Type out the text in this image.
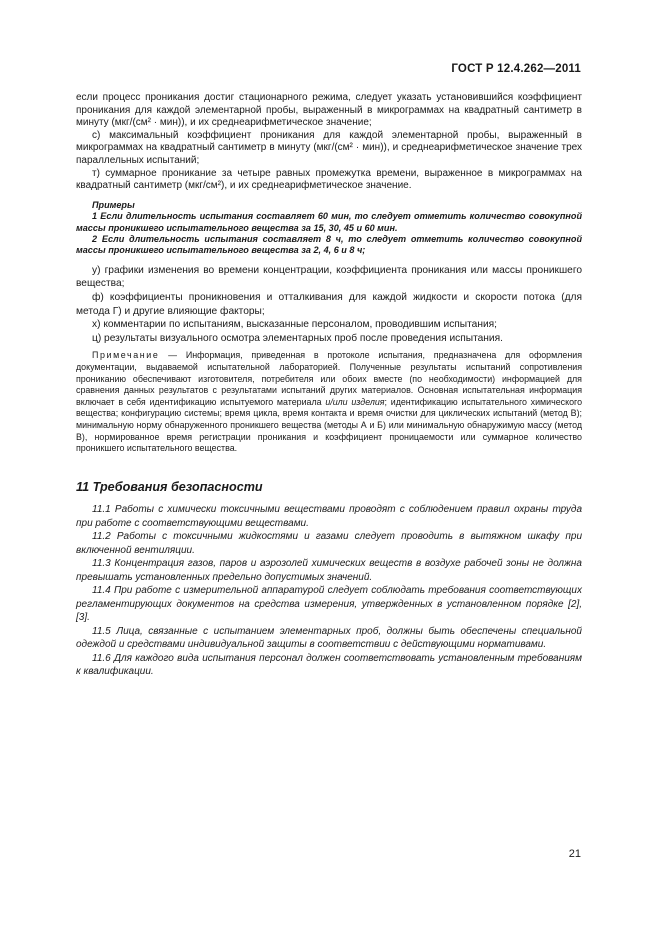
ГОСТ Р 12.4.262—2011

если процесс проникания достиг стационарного режима, следует указать установившийся коэффициент проникания для каждой элементарной пробы, выраженный в микрограммах на квадратный сантиметр в минуту (мкг/(см² · мин)), и их среднеарифметическое значение;

с) максимальный коэффициент проникания для каждой элементарной пробы, выраженный в микрограммах на квадратный сантиметр в минуту (мкг/(см² · мин)), и среднеарифметическое значение трех параллельных испытаний;

т) суммарное проникание за четыре равных промежутка времени, выраженное в микрограммах на квадратный сантиметр (мкг/см²), и их среднеарифметическое значение.

Примеры

1 Если длительность испытания составляет 60 мин, то следует отметить количество совокупной массы проникшего испытательного вещества за 15, 30, 45 и 60 мин.

2 Если длительность испытания составляет 8 ч, то следует отметить количество совокупной массы проникшего испытательного вещества за 2, 4, 6 и 8 ч;

у) графики изменения во времени концентрации, коэффициента проникания или массы проникшего вещества;

ф) коэффициенты проникновения и отталкивания для каждой жидкости и скорости потока (для метода Г) и другие влияющие факторы;

х) комментарии по испытаниям, высказанные персоналом, проводившим испытания;

ц) результаты визуального осмотра элементарных проб после проведения испытания.

Примечание — Информация, приведенная в протоколе испытания, предназначена для оформления документации, выдаваемой испытательной лабораторией. Полученные результаты испытаний сопротивления прониканию обеспечивают изготовителя, потребителя или обоих вместе (по необходимости) информацией для сравнения данных результатов с результатами испытаний других материалов. Основная испытательная информация включает в себя идентификацию испытуемого материала и/или изделия; идентификацию испытательного химического вещества; конфигурацию системы; время цикла, время контакта и время очистки для циклических испытаний (метод В); минимальную норму обнаруженного проникшего вещества (методы А и Б) или минимальную обнаружимую массу (метод В), нормированное время регистрации проникания и коэффициент проницаемости или суммарное количество проникшего испытательного вещества.

11 Требования безопасности

11.1 Работы с химически токсичными веществами проводят с соблюдением правил охраны труда при работе с соответствующими веществами.

11.2 Работы с токсичными жидкостями и газами следует проводить в вытяжном шкафу при включенной вентиляции.

11.3 Концентрация газов, паров и аэрозолей химических веществ в воздухе рабочей зоны не должна превышать установленных предельно допустимых значений.

11.4 При работе с измерительной аппаратурой следует соблюдать требования соответствующих регламентирующих документов на средства измерения, утвержденных в установленном порядке [2], [3].

11.5 Лица, связанные с испытанием элементарных проб, должны быть обеспечены специальной одеждой и средствами индивидуальной защиты в соответствии с действующими нормативами.

11.6 Для каждого вида испытания персонал должен соответствовать установленным требованиям к квалификации.

21
